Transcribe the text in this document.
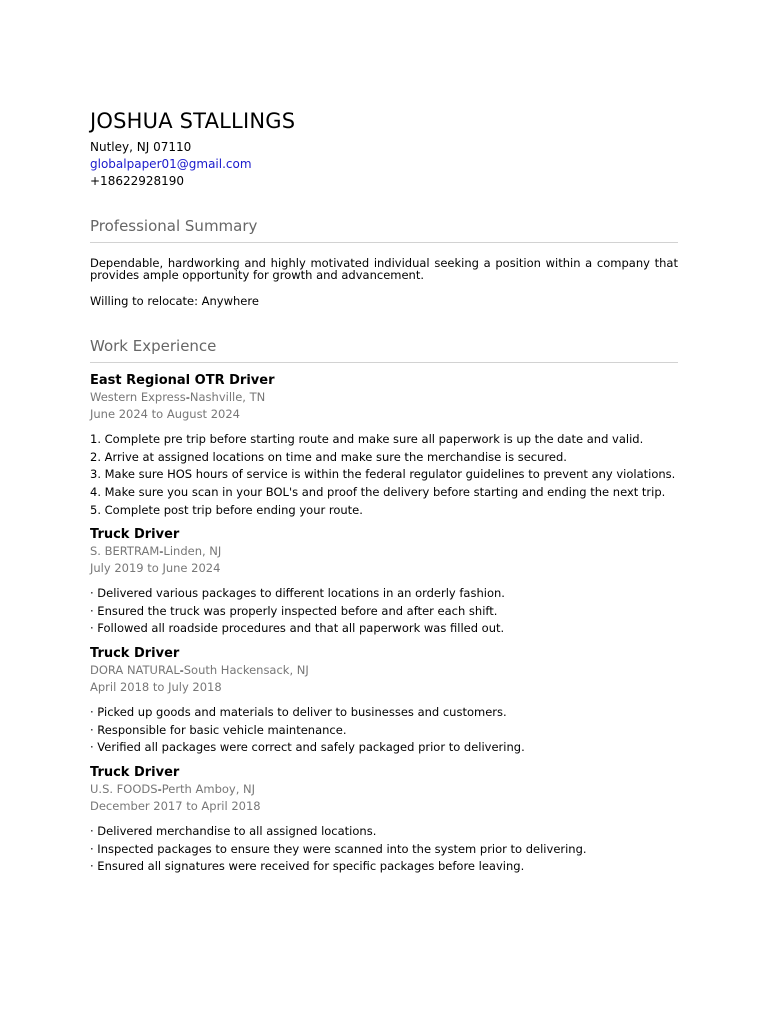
JOSHUA STALLINGS
Nutley, NJ 07110
globalpaper01@gmail.com
+18622928190
Professional Summary
Dependable, hardworking and highly motivated individual seeking a position within a company that provides ample opportunity for growth and advancement.
Willing to relocate: Anywhere
Work Experience
East Regional OTR Driver
Western Express-Nashville, TN
June 2024 to August 2024
1. Complete pre trip before starting route and make sure all paperwork is up the date and valid.
2. Arrive at assigned locations on time and make sure the merchandise is secured.
3. Make sure HOS hours of service is within the federal regulator guidelines to prevent any violations.
4. Make sure you scan in your BOL's and proof the delivery before starting and ending the next trip.
5. Complete post trip before ending your route.
Truck Driver
S. BERTRAM-Linden, NJ
July 2019 to June 2024
· Delivered various packages to different locations in an orderly fashion.
· Ensured the truck was properly inspected before and after each shift.
· Followed all roadside procedures and that all paperwork was filled out.
Truck Driver
DORA NATURAL-South Hackensack, NJ
April 2018 to July 2018
· Picked up goods and materials to deliver to businesses and customers.
· Responsible for basic vehicle maintenance.
· Verified all packages were correct and safely packaged prior to delivering.
Truck Driver
U.S. FOODS-Perth Amboy, NJ
December 2017 to April 2018
· Delivered merchandise to all assigned locations.
· Inspected packages to ensure they were scanned into the system prior to delivering.
· Ensured all signatures were received for specific packages before leaving.
